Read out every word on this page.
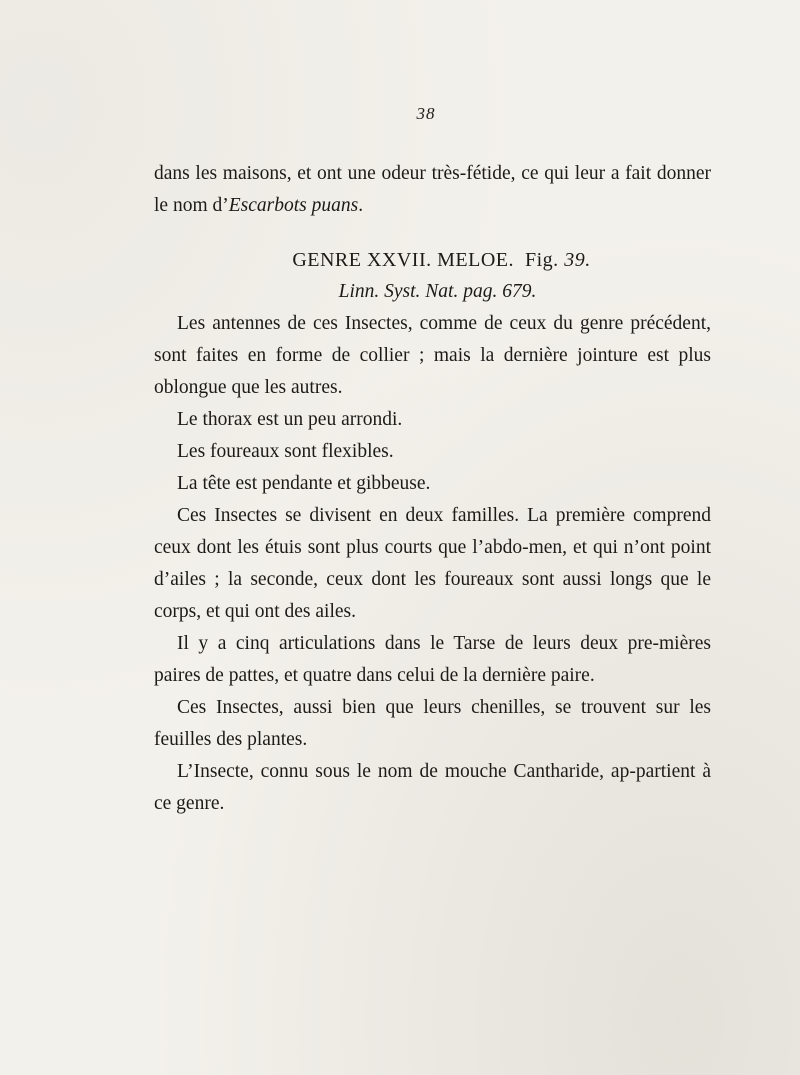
38

dans les maisons, et ont une odeur très-fétide, ce qui leur a fait donner le nom d’Escarbots puans.

GENRE XXVII. MELOE. Fig. 39.
Linn. Syst. Nat. pag. 679.

Les antennes de ces Insectes, comme de ceux du genre précédent, sont faites en forme de collier ; mais la dernière jointure est plus oblongue que les autres.

Le thorax est un peu arrondi.

Les foureaux sont flexibles.

La tête est pendante et gibbeuse.

Ces Insectes se divisent en deux familles. La première comprend ceux dont les étuis sont plus courts que l’abdo-men, et qui n’ont point d’ailes ; la seconde, ceux dont les foureaux sont aussi longs que le corps, et qui ont des ailes.

Il y a cinq articulations dans le Tarse de leurs deux pre-mières paires de pattes, et quatre dans celui de la dernière paire.

Ces Insectes, aussi bien que leurs chenilles, se trouvent sur les feuilles des plantes.

L’Insecte, connu sous le nom de mouche Cantharide, ap-partient à ce genre.
